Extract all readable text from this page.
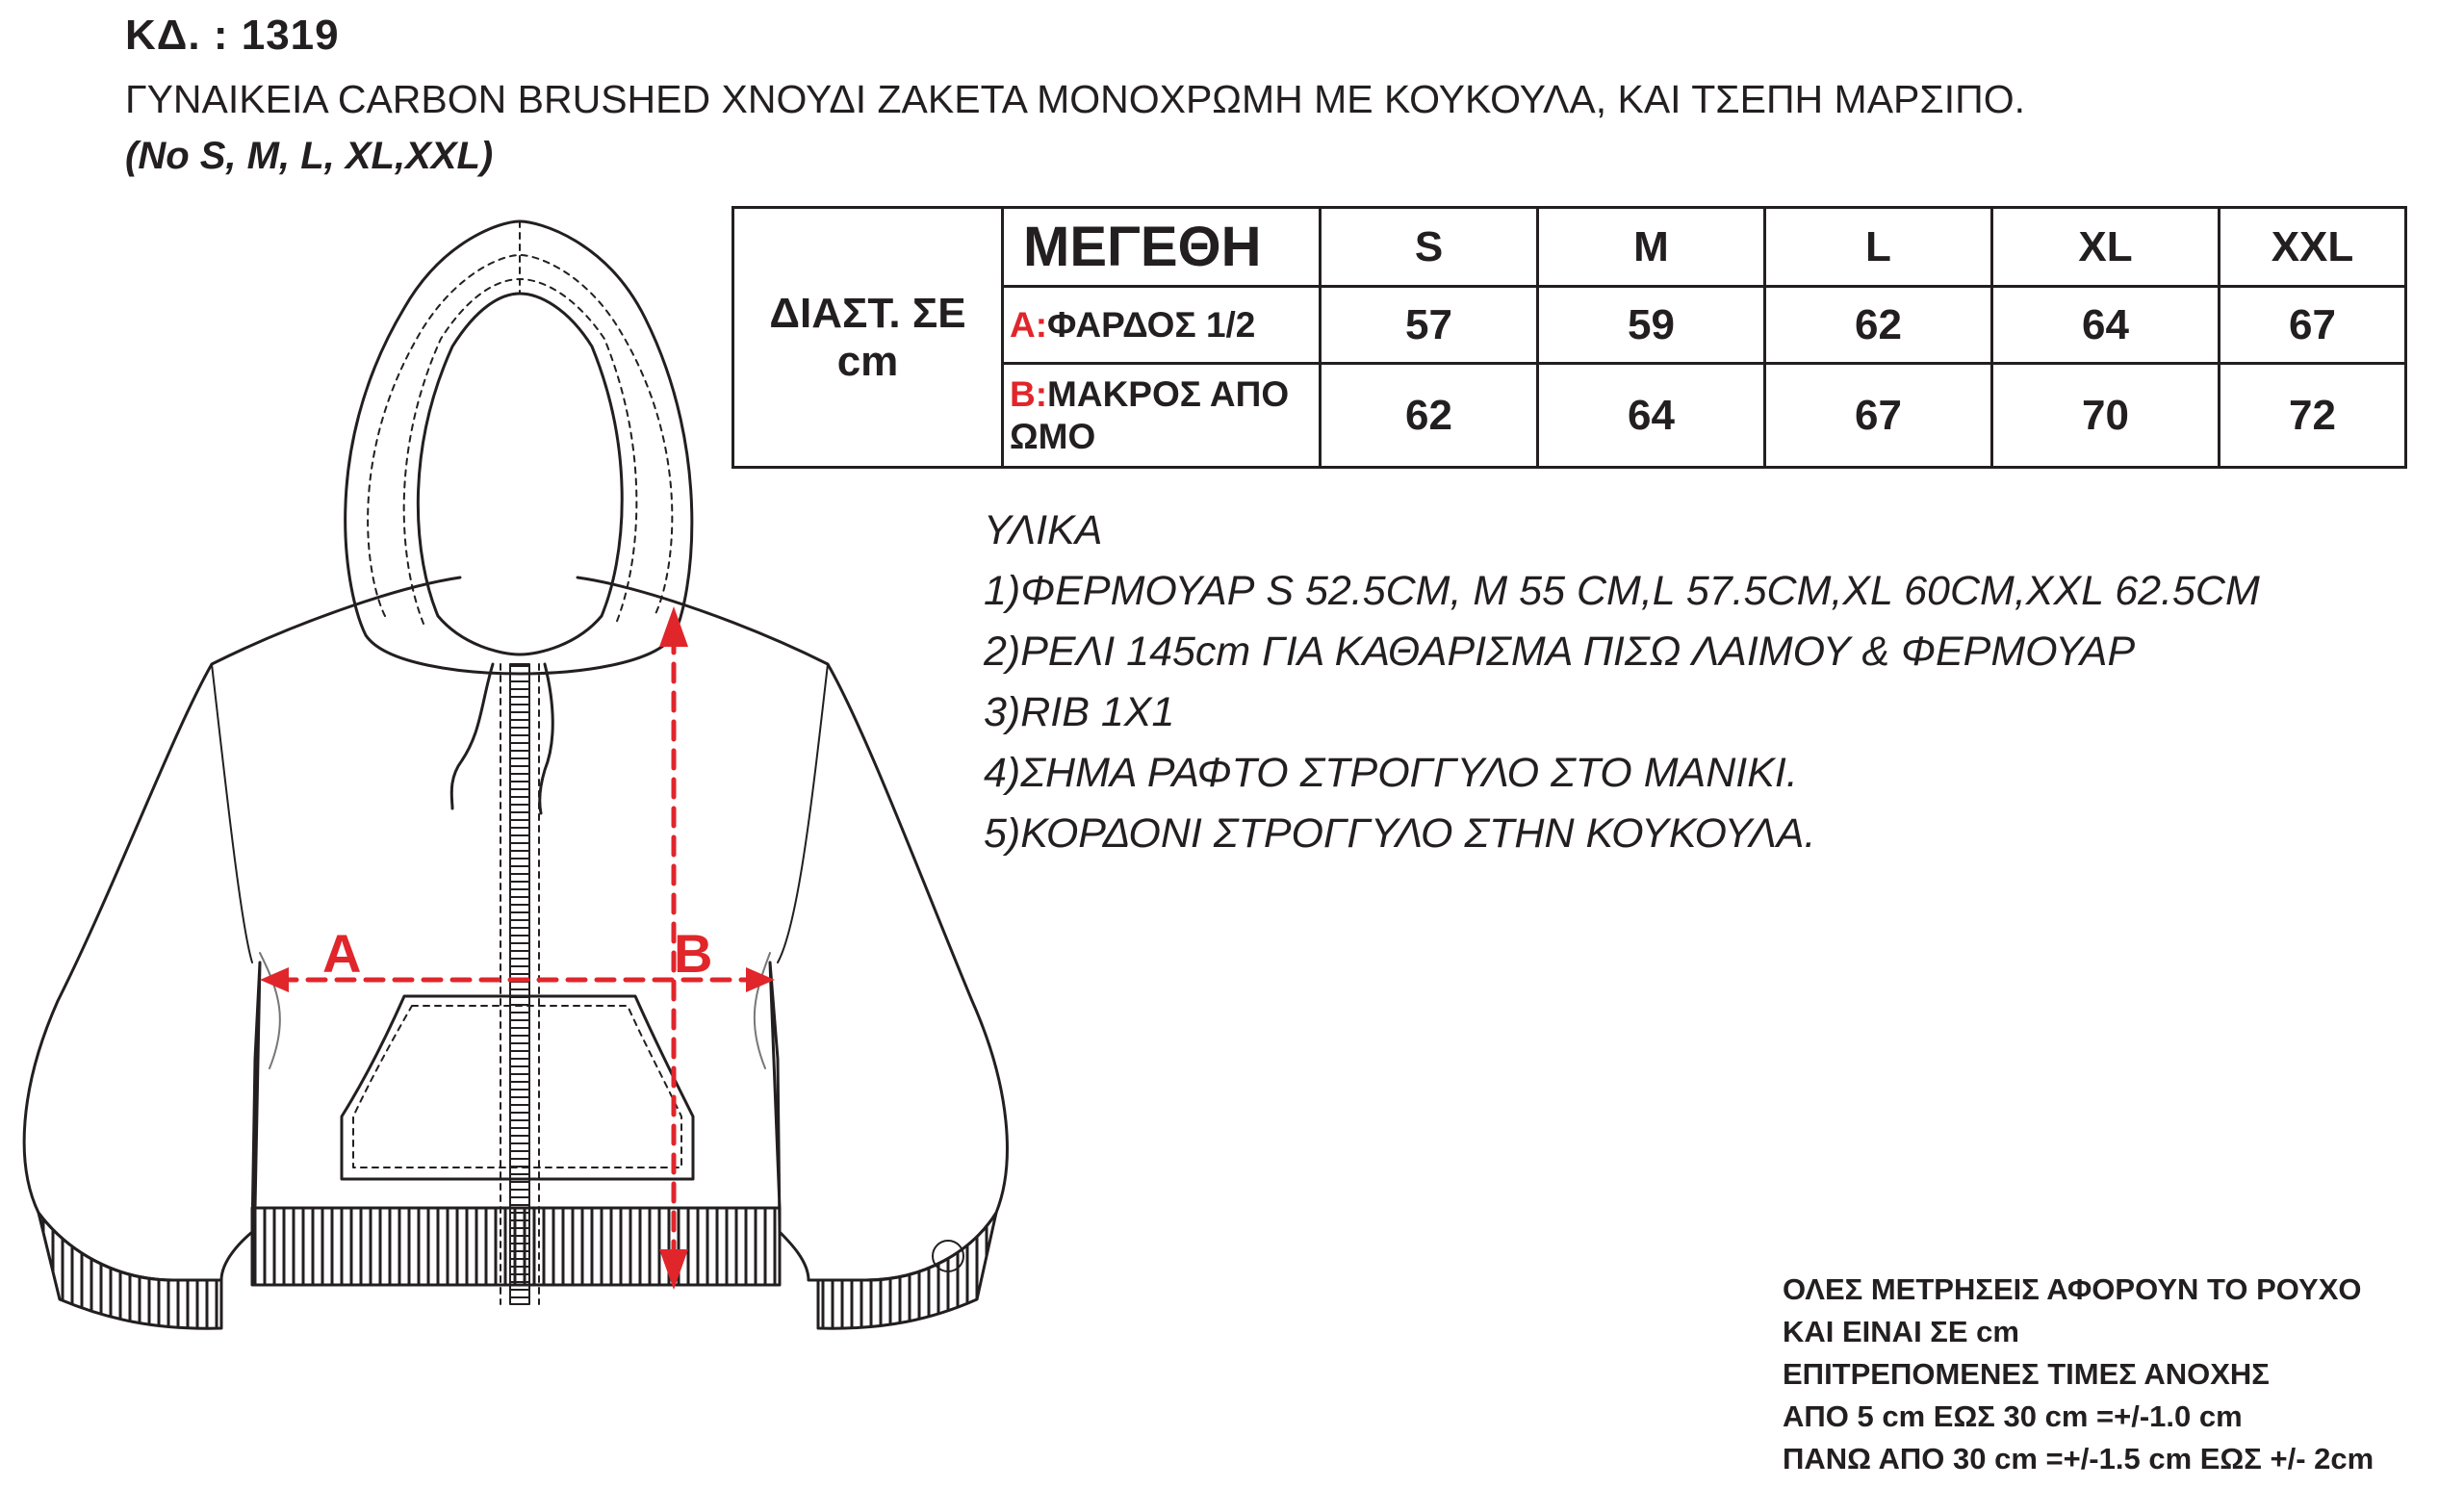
ΚΔ. : 1319
ΓΥΝΑΙΚΕΙΑ CARBON BRUSHED ΧΝΟΥΔΙ ΖΑΚΕΤΑ ΜΟΝΟΧΡΩΜΗ ΜΕ ΚΟΥΚΟΥΛΑ, ΚΑΙ ΤΣΕΠΗ ΜΑΡΣΙΠΟ.
(No S, M, L, XL,XXL)
ΔΙΑΣΤ. ΣΕ cm	ΜΕΓΕΘΗ	S	M	L	XL	XXL
	A:ΦΑΡΔΟΣ 1/2	57	59	62	64	67
	B:ΜΑΚΡΟΣ ΑΠΟ ΩΜΟ	62	64	67	70	72
ΥΛΙΚΑ
1)ΦΕΡΜΟΥΑΡ S 52.5CM, M 55 CM,L 57.5CM,XL 60CM,XXL 62.5CM
2)ΡΕΛΙ 145cm ΓΙΑ ΚΑΘΑΡΙΣΜΑ ΠΙΣΩ ΛΑΙΜΟΥ & ΦΕΡΜΟΥΑΡ
3)RIB 1X1
4)ΣΗΜΑ ΡΑΦΤΟ ΣΤΡΟΓΓΥΛΟ ΣΤΟ ΜΑΝΙΚΙ.
5)ΚΟΡΔΟΝΙ ΣΤΡΟΓΓΥΛΟ ΣΤΗΝ ΚΟΥΚΟΥΛΑ.
ΟΛΕΣ ΜΕΤΡΗΣΕΙΣ ΑΦΟΡΟΥΝ ΤΟ ΡΟΥΧΟ
ΚΑΙ ΕΙΝΑΙ ΣΕ cm
ΕΠΙΤΡΕΠΟΜΕΝΕΣ ΤΙΜΕΣ ΑΝΟΧΗΣ
ΑΠΟ 5 cm ΕΩΣ 30 cm =+/-1.0 cm
ΠΑΝΩ ΑΠΟ 30 cm =+/-1.5 cm ΕΩΣ +/- 2cm
A	B
